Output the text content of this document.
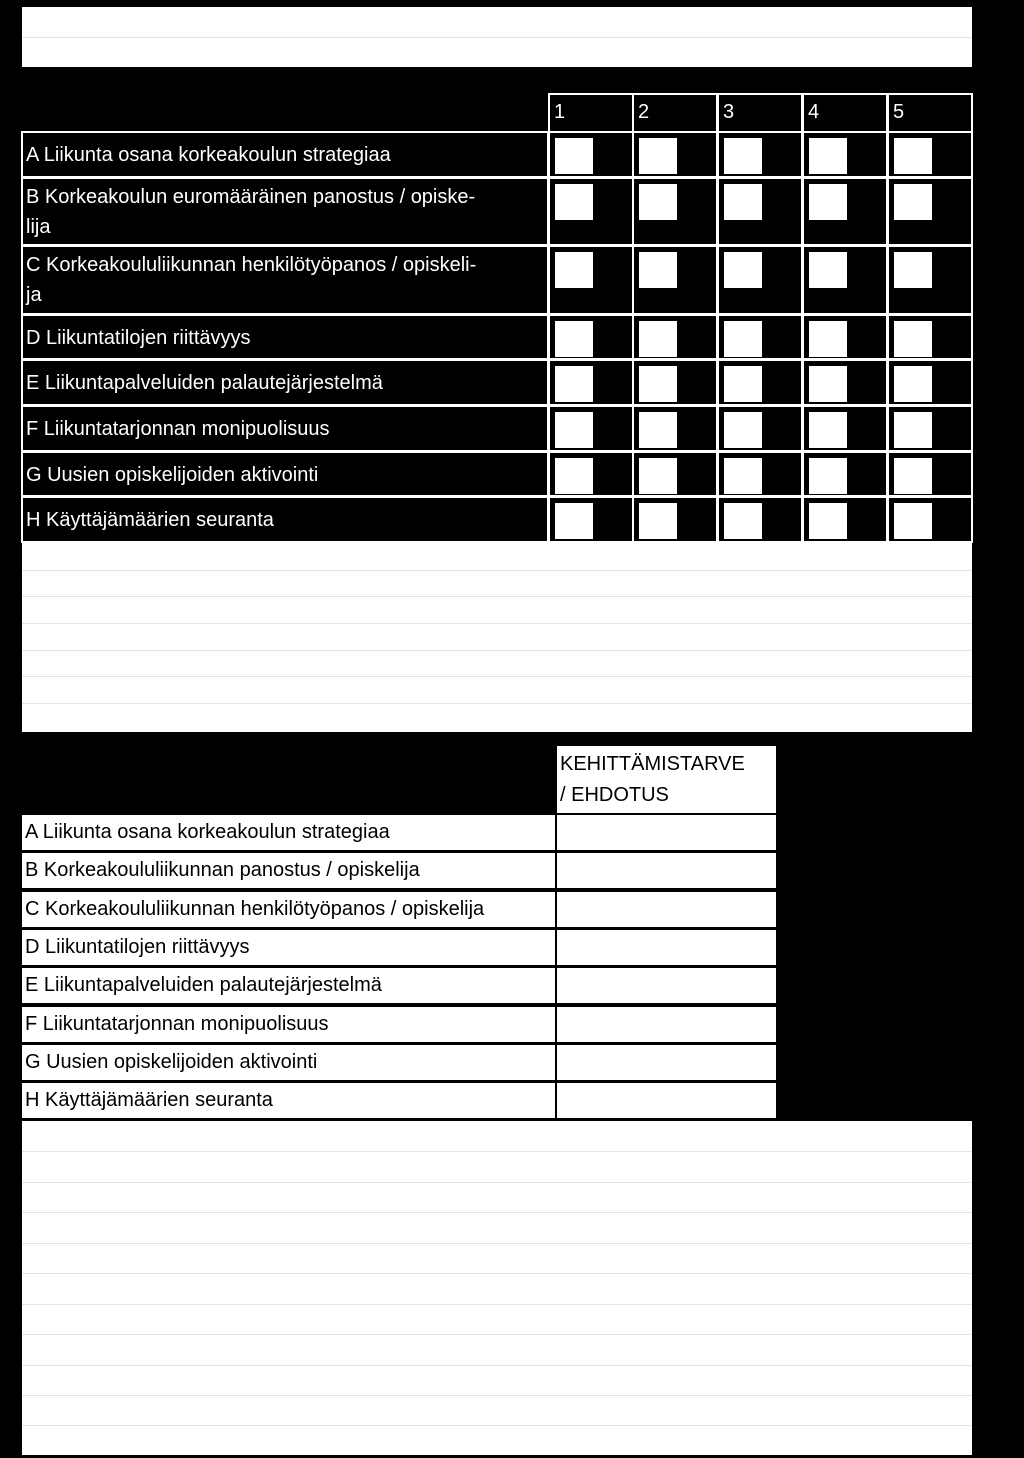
1	2	3	4	5
A Liikunta osana korkeakoulun strategiaa
B Korkeakoulun euromääräinen panostus / opiske-
lija
C Korkeakoululiikunnan henkilötyöpanos / opiskeli-
ja
D Liikuntatilojen riittävyys
E Liikuntapalveluiden palautejärjestelmä
F Liikuntatarjonnan monipuolisuus
G Uusien opiskelijoiden aktivointi
H Käyttäjämäärien seuranta
KEHITTÄMISTARVE
/ EHDOTUS
A Liikunta osana korkeakoulun strategiaa
B Korkeakoululiikunnan panostus / opiskelija
C Korkeakoululiikunnan henkilötyöpanos / opiskelija
D Liikuntatilojen riittävyys
E Liikuntapalveluiden palautejärjestelmä
F Liikuntatarjonnan monipuolisuus
G Uusien opiskelijoiden aktivointi
H Käyttäjämäärien seuranta
